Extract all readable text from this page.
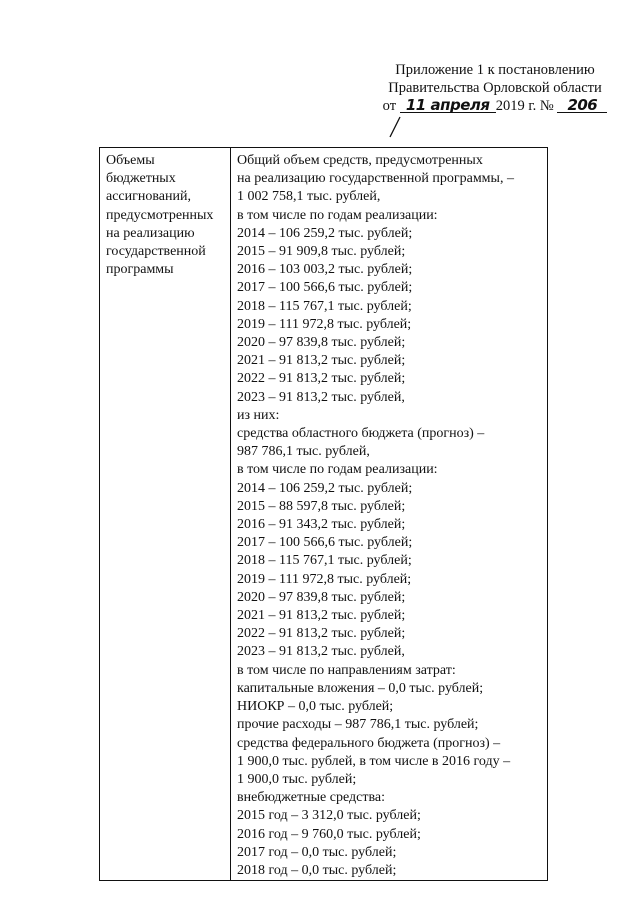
Приложение 1 к постановлению
Правительства Орловской области
от 11 апреля 2019 г. № 206
Объемы
бюджетных
ассигнований,
предусмотренных
на реализацию
государственной
программы

Общий объем средств, предусмотренных
на реализацию государственной программы, –
1 002 758,1 тыс. рублей,
в том числе по годам реализации:
2014 – 106 259,2 тыс. рублей;
2015 – 91 909,8 тыс. рублей;
2016 – 103 003,2 тыс. рублей;
2017 – 100 566,6 тыс. рублей;
2018 – 115 767,1 тыс. рублей;
2019 – 111 972,8 тыс. рублей;
2020 – 97 839,8 тыс. рублей;
2021 – 91 813,2 тыс. рублей;
2022 – 91 813,2 тыс. рублей;
2023 – 91 813,2 тыс. рублей,
из них:
средства областного бюджета (прогноз) –
987 786,1 тыс. рублей,
в том числе по годам реализации:
2014 – 106 259,2 тыс. рублей;
2015 – 88 597,8 тыс. рублей;
2016 – 91 343,2 тыс. рублей;
2017 – 100 566,6 тыс. рублей;
2018 – 115 767,1 тыс. рублей;
2019 – 111 972,8 тыс. рублей;
2020 – 97 839,8 тыс. рублей;
2021 – 91 813,2 тыс. рублей;
2022 – 91 813,2 тыс. рублей;
2023 – 91 813,2 тыс. рублей,
в том числе по направлениям затрат:
капитальные вложения – 0,0 тыс. рублей;
НИОКР – 0,0 тыс. рублей;
прочие расходы – 987 786,1 тыс. рублей;
средства федерального бюджета (прогноз) –
1 900,0 тыс. рублей, в том числе в 2016 году –
1 900,0 тыс. рублей;
внебюджетные средства:
2015 год – 3 312,0 тыс. рублей;
2016 год – 9 760,0 тыс. рублей;
2017 год – 0,0 тыс. рублей;
2018 год – 0,0 тыс. рублей;
